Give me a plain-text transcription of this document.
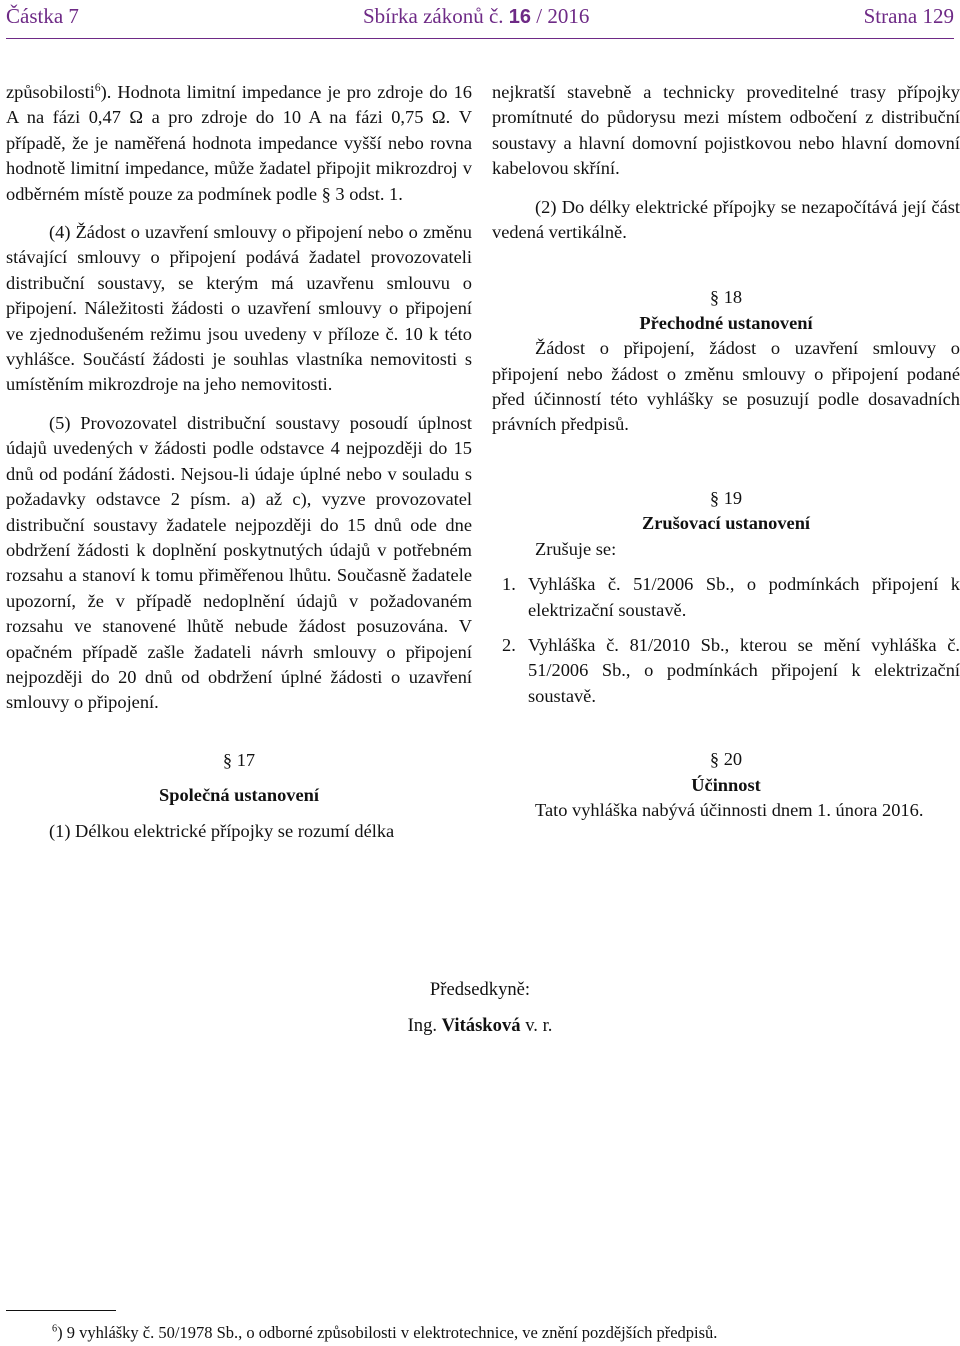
Částka 7	Sbírka zákonů č. 16 / 2016	Strana 129

způsobilosti$^6$). Hodnota limitní impedance je pro zdroje do 16 A na fázi 0,47 Ω a pro zdroje do 10 A na fázi 0,75 Ω. V případě, že je naměřená hodnota impedance vyšší nebo rovna hodnotě limitní impedance, může žadatel připojit mikrozdroj v odběrném místě pouze za podmínek podle § 3 odst. 1.

(4) Žádost o uzavření smlouvy o připojení nebo o změnu stávající smlouvy o připojení podává žadatel provozovateli distribuční soustavy, se kterým má uzavřenu smlouvu o připojení. Náležitosti žádosti o uzavření smlouvy o připojení ve zjednodušeném režimu jsou uvedeny v příloze č. 10 k této vyhlášce. Součástí žádosti je souhlas vlastníka nemovitosti s umístěním mikrozdroje na jeho nemovitosti.

(5) Provozovatel distribuční soustavy posoudí úplnost údajů uvedených v žádosti podle odstavce 4 nejpozději do 15 dnů od podání žádosti. Nejsou-li údaje úplné nebo v souladu s požadavky odstavce 2 písm. a) až c), vyzve provozovatel distribuční soustavy žadatele nejpozději do 15 dnů ode dne obdržení žádosti k doplnění poskytnutých údajů v potřebném rozsahu a stanoví k tomu přiměřenou lhůtu. Současně žadatele upozorní, že v případě nedoplnění údajů v požadovaném rozsahu ve stanovené lhůtě nebude žádost posuzována. V opačném případě zašle žadateli návrh smlouvy o připojení nejpozději do 20 dnů od obdržení úplné žádosti o uzavření smlouvy o připojení.

§ 17

Společná ustanovení

(1) Délkou elektrické přípojky se rozumí délka

nejkratší stavebně a technicky proveditelné trasy přípojky promítnuté do půdorysu mezi místem odbočení z distribuční soustavy a hlavní domovní pojistkovou nebo hlavní domovní kabelovou skříní.

(2) Do délky elektrické přípojky se nezapočítává její část vedená vertikálně.

§ 18

Přechodné ustanovení

Žádost o připojení, žádost o uzavření smlouvy o připojení nebo žádost o změnu smlouvy o připojení podané před účinností této vyhlášky se posuzují podle dosavadních právních předpisů.

§ 19

Zrušovací ustanovení

Zrušuje se:

1. Vyhláška č. 51/2006 Sb., o podmínkách připojení k elektrizační soustavě.
2. Vyhláška č. 81/2010 Sb., kterou se mění vyhláška č. 51/2006 Sb., o podmínkách připojení k elektrizační soustavě.

§ 20

Účinnost

Tato vyhláška nabývá účinnosti dnem 1. února 2016.

Předsedkyně:
Ing. Vitásková v. r.
$^6$) 9 vyhlášky č. 50/1978 Sb., o odborné způsobilosti v elektrotechnice, ve znění pozdějších předpisů.
